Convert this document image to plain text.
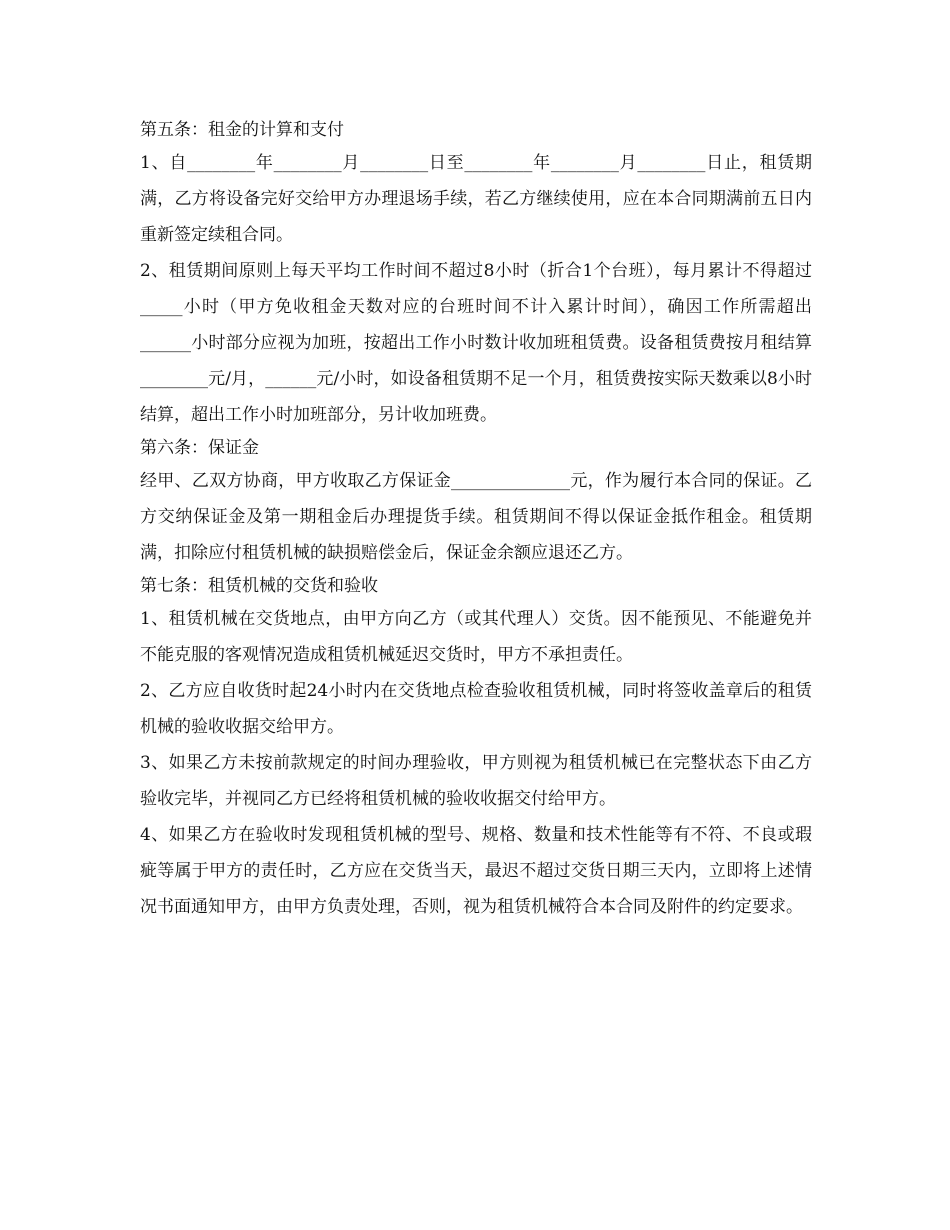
第五条：租金的计算和支付

1、自________年________月________日至________年________月________日止，租赁期满，乙方将设备完好交给甲方办理退场手续，若乙方继续使用，应在本合同期满前五日内重新签定续租合同。

2、租赁期间原则上每天平均工作时间不超过8小时（折合1个台班），每月累计不得超过_____小时（甲方免收租金天数对应的台班时间不计入累计时间），确因工作所需超出______小时部分应视为加班，按超出工作小时数计收加班租赁费。设备租赁费按月租结算________元/月，______元/小时，如设备租赁期不足一个月，租赁费按实际天数乘以8小时结算，超出工作小时加班部分，另计收加班费。

第六条：保证金

经甲、乙双方协商，甲方收取乙方保证金______________元，作为履行本合同的保证。乙方交纳保证金及第一期租金后办理提货手续。租赁期间不得以保证金抵作租金。租赁期满，扣除应付租赁机械的缺损赔偿金后，保证金余额应退还乙方。

第七条：租赁机械的交货和验收

1、租赁机械在交货地点，由甲方向乙方（或其代理人）交货。因不能预见、不能避免并不能克服的客观情况造成租赁机械延迟交货时，甲方不承担责任。

2、乙方应自收货时起24小时内在交货地点检查验收租赁机械，同时将签收盖章后的租赁机械的验收收据交给甲方。

3、如果乙方未按前款规定的时间办理验收，甲方则视为租赁机械已在完整状态下由乙方验收完毕，并视同乙方已经将租赁机械的验收收据交付给甲方。

4、如果乙方在验收时发现租赁机械的型号、规格、数量和技术性能等有不符、不良或瑕疵等属于甲方的责任时，乙方应在交货当天，最迟不超过交货日期三天内，立即将上述情况书面通知甲方，由甲方负责处理，否则，视为租赁机械符合本合同及附件的约定要求。
